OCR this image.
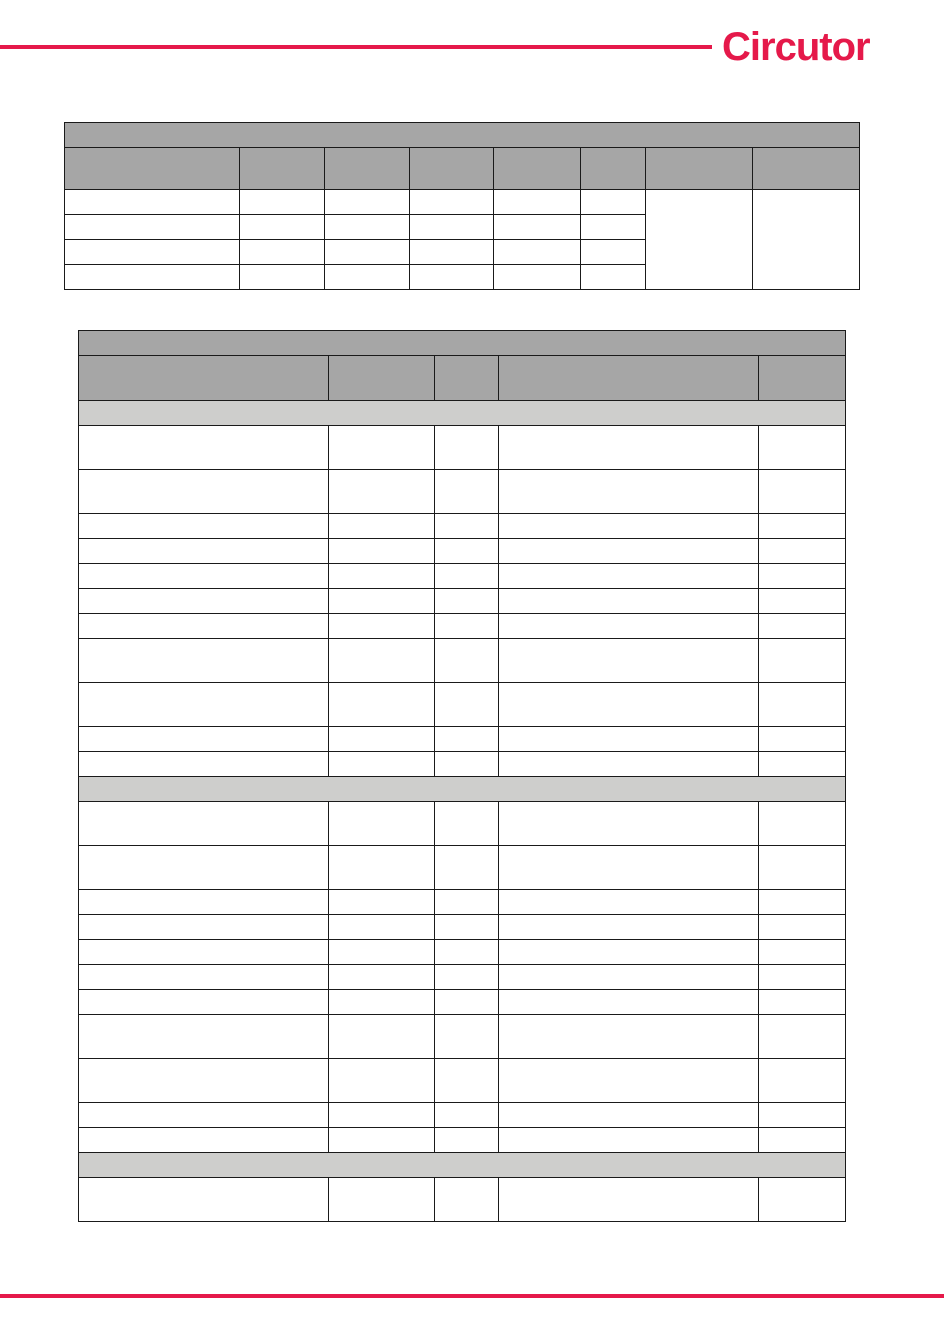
Circutor
